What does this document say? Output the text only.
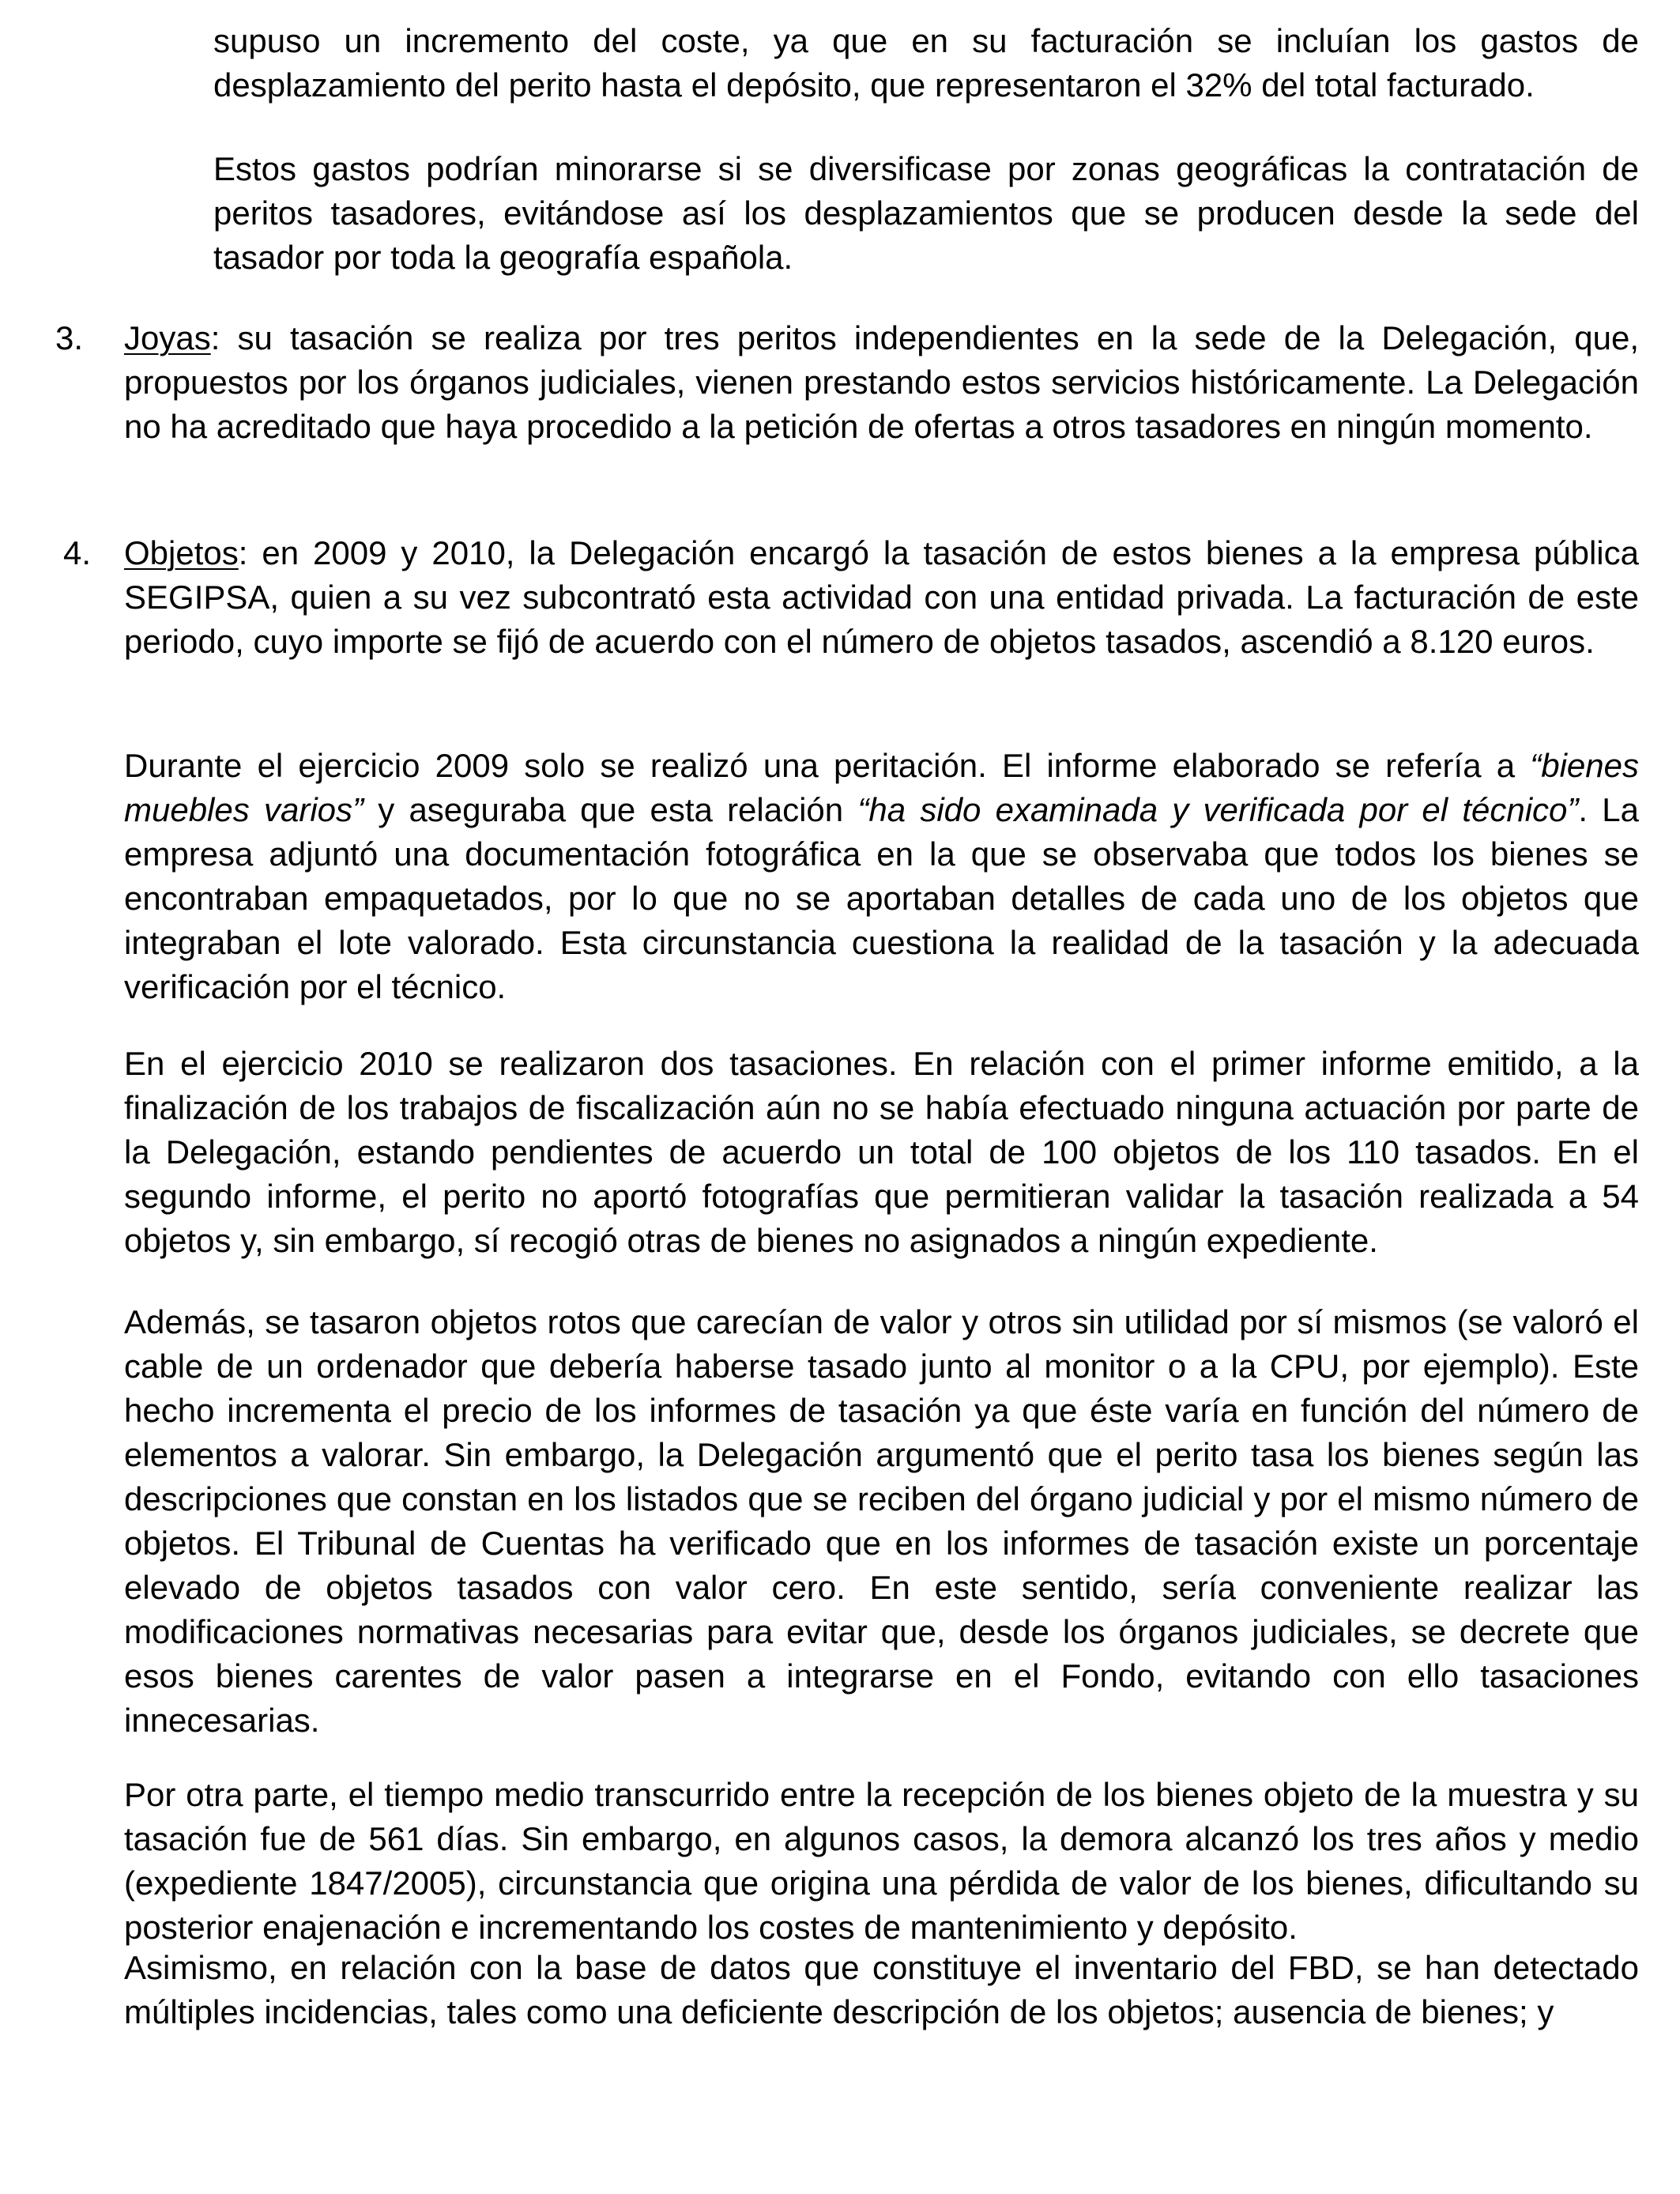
supuso un incremento del coste, ya que en su facturación se incluían los gastos de desplazamiento del perito hasta el depósito, que representaron el 32% del total facturado.

Estos gastos podrían minorarse si se diversificase por zonas geográficas la contratación de peritos tasadores, evitándose así los desplazamientos que se producen desde la sede del tasador por toda la geografía española.

3. Joyas: su tasación se realiza por tres peritos independientes en la sede de la Delegación, que, propuestos por los órganos judiciales, vienen prestando estos servicios históricamente. La Delegación no ha acreditado que haya procedido a la petición de ofertas a otros tasadores en ningún momento.

4. Objetos: en 2009 y 2010, la Delegación encargó la tasación de estos bienes a la empresa pública SEGIPSA, quien a su vez subcontrató esta actividad con una entidad privada. La facturación de este periodo, cuyo importe se fijó de acuerdo con el número de objetos tasados, ascendió a 8.120 euros.

Durante el ejercicio 2009 solo se realizó una peritación. El informe elaborado se refería a “bienes muebles varios” y aseguraba que esta relación “ha sido examinada y verificada por el técnico”. La empresa adjuntó una documentación fotográfica en la que se observaba que todos los bienes se encontraban empaquetados, por lo que no se aportaban detalles de cada uno de los objetos que integraban el lote valorado. Esta circunstancia cuestiona la realidad de la tasación y la adecuada verificación por el técnico.

En el ejercicio 2010 se realizaron dos tasaciones. En relación con el primer informe emitido, a la finalización de los trabajos de fiscalización aún no se había efectuado ninguna actuación por parte de la Delegación, estando pendientes de acuerdo un total de 100 objetos de los 110 tasados. En el segundo informe, el perito no aportó fotografías que permitieran validar la tasación realizada a 54 objetos y, sin embargo, sí recogió otras de bienes no asignados a ningún expediente.

Además, se tasaron objetos rotos que carecían de valor y otros sin utilidad por sí mismos (se valoró el cable de un ordenador que debería haberse tasado junto al monitor o a la CPU, por ejemplo). Este hecho incrementa el precio de los informes de tasación ya que éste varía en función del número de elementos a valorar. Sin embargo, la Delegación argumentó que el perito tasa los bienes según las descripciones que constan en los listados que se reciben del órgano judicial y por el mismo número de objetos. El Tribunal de Cuentas ha verificado que en los informes de tasación existe un porcentaje elevado de objetos tasados con valor cero. En este sentido, sería conveniente realizar las modificaciones normativas necesarias para evitar que, desde los órganos judiciales, se decrete que esos bienes carentes de valor pasen a integrarse en el Fondo, evitando con ello tasaciones innecesarias.

Por otra parte, el tiempo medio transcurrido entre la recepción de los bienes objeto de la muestra y su tasación fue de 561 días. Sin embargo, en algunos casos, la demora alcanzó los tres años y medio (expediente 1847/2005), circunstancia que origina una pérdida de valor de los bienes, dificultando su posterior enajenación e incrementando los costes de mantenimiento y depósito.

Asimismo, en relación con la base de datos que constituye el inventario del FBD, se han detectado múltiples incidencias, tales como una deficiente descripción de los objetos; ausencia de bienes; y
